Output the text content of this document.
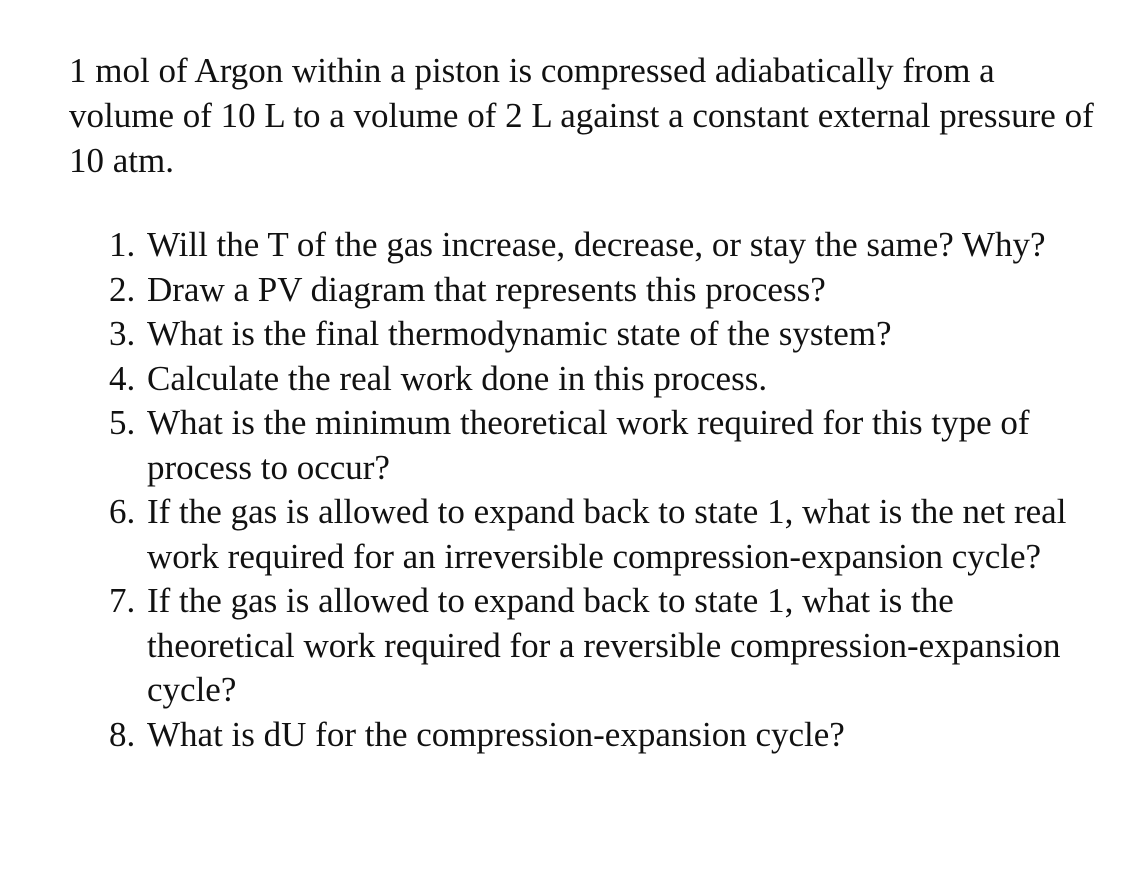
1 mol of Argon within a piston is compressed adiabatically from a volume of 10 L to a volume of 2 L against a constant external pressure of 10 atm.

1. Will the T of the gas increase, decrease, or stay the same? Why?
2. Draw a PV diagram that represents this process?
3. What is the final thermodynamic state of the system?
4. Calculate the real work done in this process.
5. What is the minimum theoretical work required for this type of process to occur?
6. If the gas is allowed to expand back to state 1, what is the net real work required for an irreversible compression-expansion cycle?
7. If the gas is allowed to expand back to state 1, what is the theoretical work required for a reversible compression-expansion cycle?
8. What is dU for the compression-expansion cycle?
